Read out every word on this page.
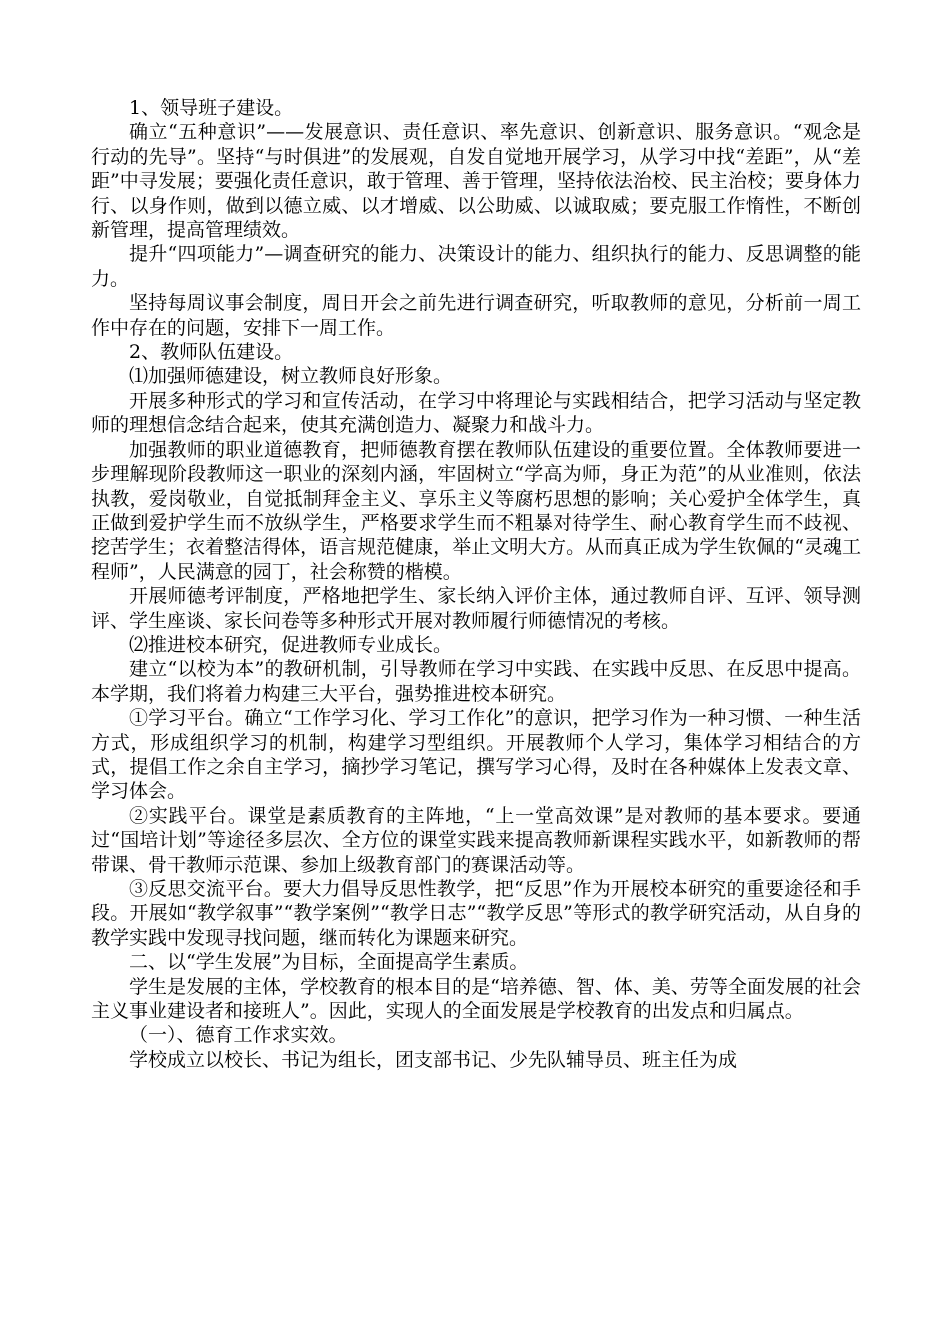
1、领导班子建设。

确立“五种意识”——发展意识、责任意识、率先意识、创新意识、服务意识。“观念是行动的先导”。坚持“与时俱进”的发展观，自发自觉地开展学习，从学习中找“差距”，从“差距”中寻发展；要强化责任意识，敢于管理、善于管理，坚持依法治校、民主治校；要身体力行、以身作则，做到以德立威、以才增威、以公助威、以诚取威；要克服工作惰性，不断创新管理，提高管理绩效。

提升“四项能力”—调查研究的能力、决策设计的能力、组织执行的能力、反思调整的能力。

坚持每周议事会制度，周日开会之前先进行调查研究，听取教师的意见，分析前一周工作中存在的问题，安排下一周工作。

2、教师队伍建设。

⑴加强师德建设，树立教师良好形象。

开展多种形式的学习和宣传活动，在学习中将理论与实践相结合，把学习活动与坚定教师的理想信念结合起来，使其充满创造力、凝聚力和战斗力。

加强教师的职业道德教育，把师德教育摆在教师队伍建设的重要位置。全体教师要进一步理解现阶段教师这一职业的深刻内涵，牢固树立“学高为师，身正为范”的从业准则，依法执教，爱岗敬业，自觉抵制拜金主义、享乐主义等腐朽思想的影响；关心爱护全体学生，真正做到爱护学生而不放纵学生，严格要求学生而不粗暴对待学生、耐心教育学生而不歧视、挖苦学生；衣着整洁得体，语言规范健康，举止文明大方。从而真正成为学生钦佩的“灵魂工程师”，人民满意的园丁，社会称赞的楷模。

开展师德考评制度，严格地把学生、家长纳入评价主体，通过教师自评、互评、领导测评、学生座谈、家长问卷等多种形式开展对教师履行师德情况的考核。

⑵推进校本研究，促进教师专业成长。

建立“以校为本”的教研机制，引导教师在学习中实践、在实践中反思、在反思中提高。本学期，我们将着力构建三大平台，强势推进校本研究。

①学习平台。确立“工作学习化、学习工作化”的意识，把学习作为一种习惯、一种生活方式，形成组织学习的机制，构建学习型组织。开展教师个人学习，集体学习相结合的方式，提倡工作之余自主学习，摘抄学习笔记，撰写学习心得，及时在各种媒体上发表文章、学习体会。

②实践平台。课堂是素质教育的主阵地，“上一堂高效课”是对教师的基本要求。要通过“国培计划”等途径多层次、全方位的课堂实践来提高教师新课程实践水平，如新教师的帮带课、骨干教师示范课、参加上级教育部门的赛课活动等。

③反思交流平台。要大力倡导反思性教学，把“反思”作为开展校本研究的重要途径和手段。开展如“教学叙事”“教学案例”“教学日志”“教学反思”等形式的教学研究活动，从自身的教学实践中发现寻找问题，继而转化为课题来研究。

二、以“学生发展”为目标，全面提高学生素质。

学生是发展的主体，学校教育的根本目的是“培养德、智、体、美、劳等全面发展的社会主义事业建设者和接班人”。因此，实现人的全面发展是学校教育的出发点和归属点。

（一）、德育工作求实效。

学校成立以校长、书记为组长，团支部书记、少先队辅导员、班主任为成
